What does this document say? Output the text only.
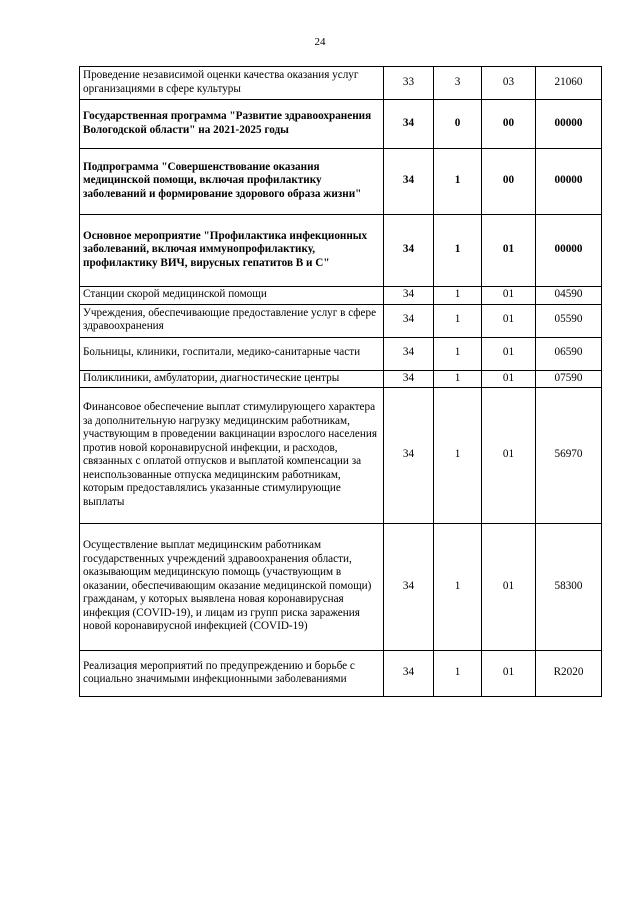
24
Проведение независимой оценки качества оказания услуг организациями в сфере культуры	33	3	03	21060
Государственная программа "Развитие здравоохранения Вологодской области" на 2021-2025 годы	34	0	00	00000
Подпрограмма "Совершенствование оказания медицинской помощи, включая профилактику заболеваний и формирование здорового образа жизни"	34	1	00	00000
Основное мероприятие "Профилактика инфекционных заболеваний, включая иммунопрофилактику, профилактику ВИЧ, вирусных гепатитов B и C"	34	1	01	00000
Станции скорой медицинской помощи	34	1	01	04590
Учреждения, обеспечивающие предоставление услуг в сфере здравоохранения	34	1	01	05590
Больницы, клиники, госпитали, медико-санитарные части	34	1	01	06590
Поликлиники, амбулатории, диагностические центры	34	1	01	07590
Финансовое обеспечение выплат стимулирующего характера за дополнительную нагрузку медицинским работникам, участвующим в проведении вакцинации взрослого населения против новой коронавирусной инфекции, и расходов, связанных с оплатой отпусков и выплатой компенсации за неиспользованные отпуска медицинским работникам, которым предоставлялись указанные стимулирующие выплаты	34	1	01	56970
Осуществление выплат медицинским работникам государственных учреждений здравоохранения области, оказывающим медицинскую помощь (участвующим в оказании, обеспечивающим оказание медицинской помощи) гражданам, у которых выявлена новая коронавирусная инфекция (COVID-19), и лицам из групп риска заражения новой коронавирусной инфекцией (COVID-19)	34	1	01	58300
Реализация мероприятий по предупреждению и борьбе с социально значимыми инфекционными заболеваниями	34	1	01	R2020
